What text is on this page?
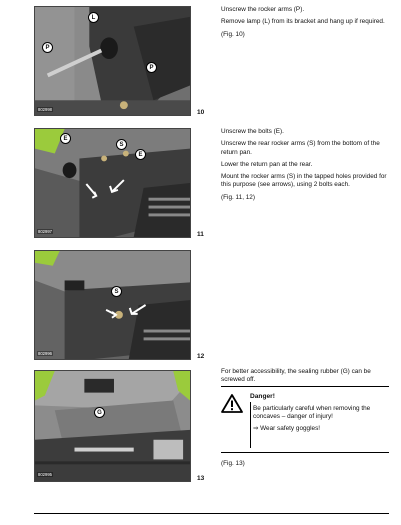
L
P
P
802998	10

Unscrew the rocker arms (P).

Remove lamp (L) from its bracket and hang up if required.

(Fig. 10)

E
S
E
802997	11

Unscrew the bolts (E).

Unscrew the rear rocker arms (S) from the bottom of the return pan.

Lower the return pan at the rear.

Mount the rocker arms (S) in the tapped holes provided for this purpose (see arrows), using 2 bolts each.

(Fig. 11, 12)

S
802996	12
G
802995
13

For better accessibility, the sealing rubber (G) can be screwed off.

Danger!

Be particularly careful when removing the concaves – danger of injury!

⇒ Wear safety goggles!

(Fig. 13)
